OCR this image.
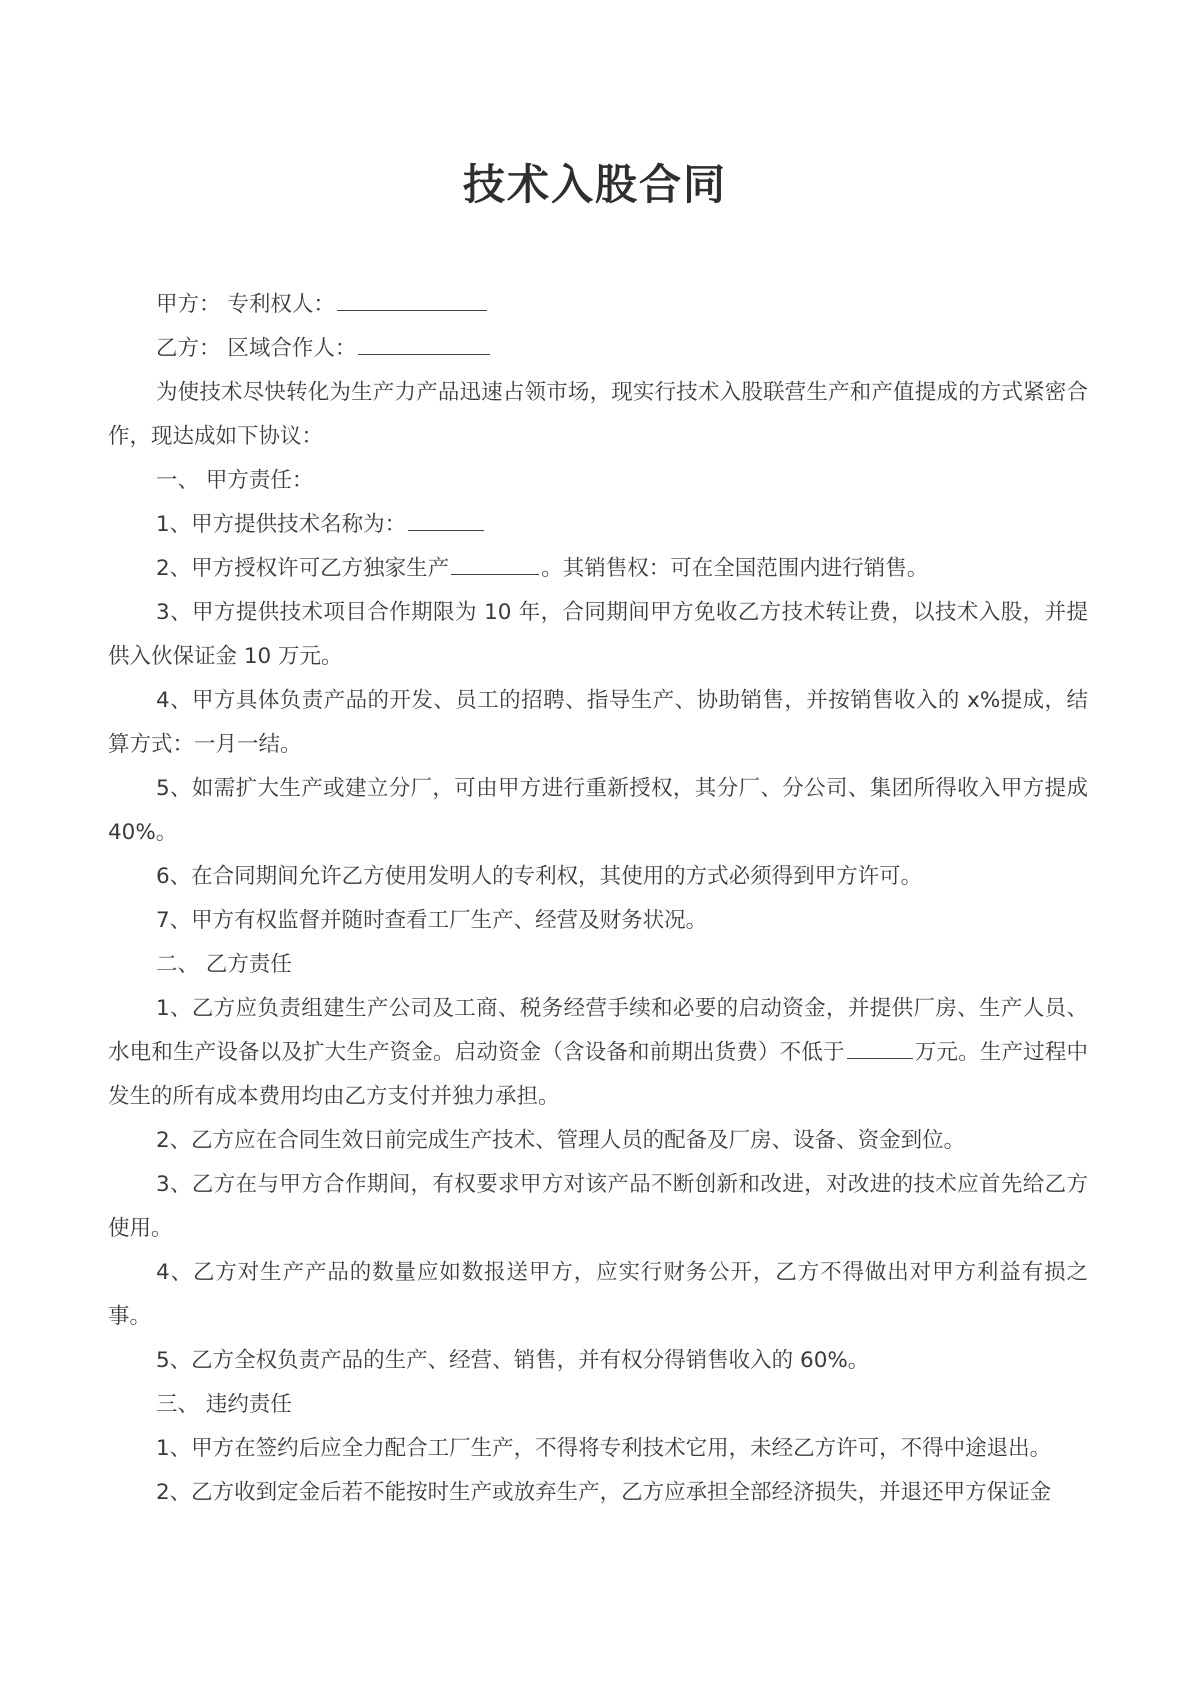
技术入股合同

甲方： 专利权人：

乙方： 区域合作人：

为使技术尽快转化为生产力产品迅速占领市场，现实行技术入股联营生产和产值提成的方式紧密合作，现达成如下协议：

一、 甲方责任：

1、甲方提供技术名称为：

2、甲方授权许可乙方独家生产	。其销售权：可在全国范围内进行销售。

3、甲方提供技术项目合作期限为 10 年，合同期间甲方免收乙方技术转让费，以技术入股，并提供入伙保证金 10 万元。

4、甲方具体负责产品的开发、员工的招聘、指导生产、协助销售，并按销售收入的 x%提成，结算方式：一月一结。

5、如需扩大生产或建立分厂，可由甲方进行重新授权，其分厂、分公司、集团所得收入甲方提成 40%。

6、在合同期间允许乙方使用发明人的专利权，其使用的方式必须得到甲方许可。

7、甲方有权监督并随时查看工厂生产、经营及财务状况。

二、 乙方责任

1、乙方应负责组建生产公司及工商、税务经营手续和必要的启动资金，并提供厂房、生产人员、水电和生产设备以及扩大生产资金。启动资金（含设备和前期出货费）不低于	万元。生产过程中发生的所有成本费用均由乙方支付并独力承担。

2、乙方应在合同生效日前完成生产技术、管理人员的配备及厂房、设备、资金到位。

3、乙方在与甲方合作期间，有权要求甲方对该产品不断创新和改进，对改进的技术应首先给乙方使用。

4、乙方对生产产品的数量应如数报送甲方，应实行财务公开，乙方不得做出对甲方利益有损之事。

5、乙方全权负责产品的生产、经营、销售，并有权分得销售收入的 60%。

三、 违约责任

1、甲方在签约后应全力配合工厂生产，不得将专利技术它用，未经乙方许可，不得中途退出。

2、乙方收到定金后若不能按时生产或放弃生产，乙方应承担全部经济损失，并退还甲方保证金
